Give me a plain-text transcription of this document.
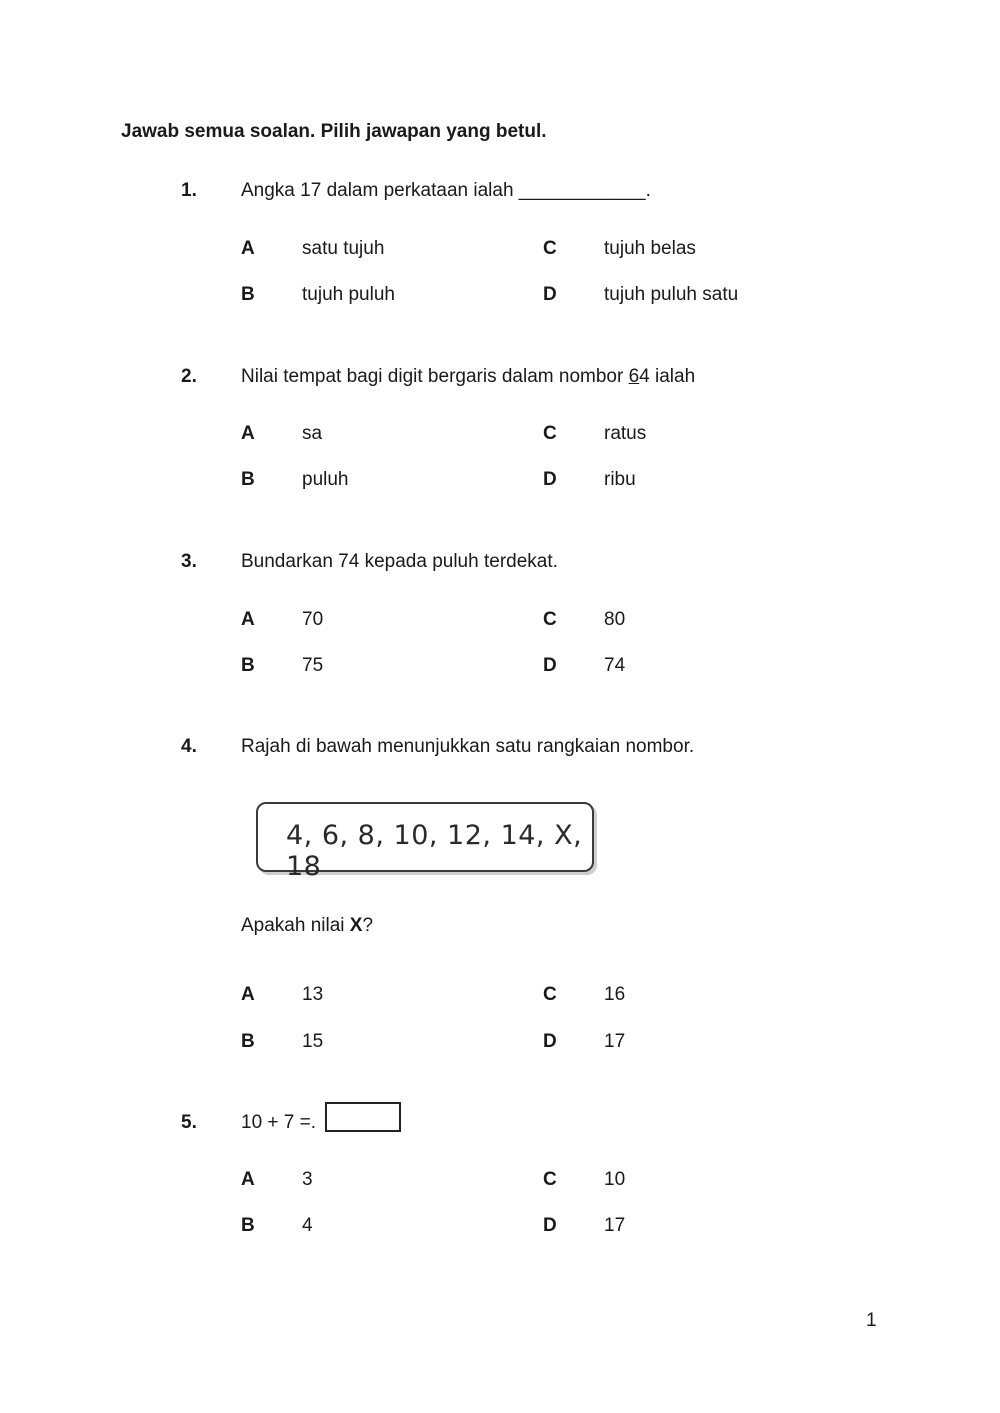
Jawab semua soalan. Pilih jawapan yang betul.
1. Angka 17 dalam perkataan ialah ____________.
A satu tujuh
B tujuh puluh
C tujuh belas
D tujuh puluh satu
2. Nilai tempat bagi digit bergaris dalam nombor 64 ialah
A sa
B puluh
C ratus
D ribu
3. Bundarkan 74 kepada puluh terdekat.
A 70
B 75
C 80
D 74
4. Rajah di bawah menunjukkan satu rangkaian nombor.
4, 6, 8, 10, 12, 14, X, 18
Apakah nilai X?
A 13
B 15
C 16
D 17
5. 10 + 7 =.
A 3
B 4
C 10
D 17
1
